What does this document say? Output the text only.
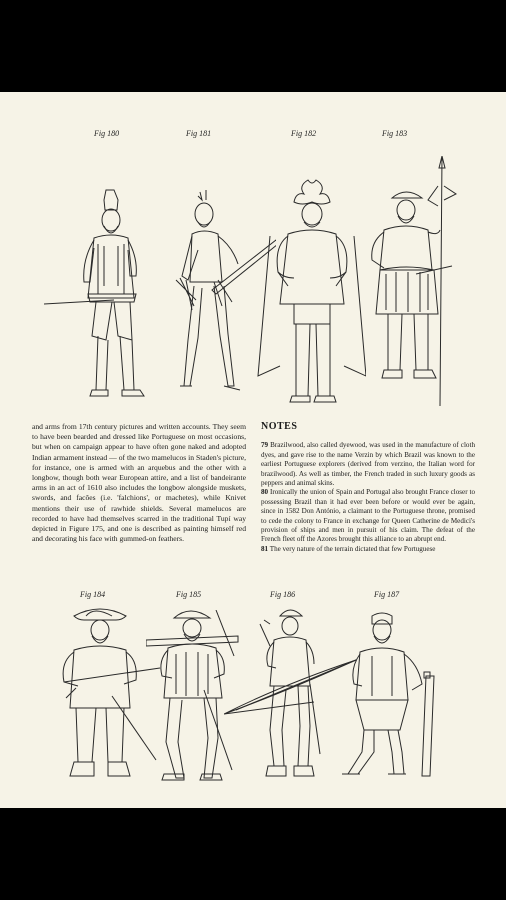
Fig 180	Fig 181	Fig 182	Fig 183
and arms from 17th century pictures and written accounts. They seem to have been bearded and dressed like Portuguese on most occasions, but when on campaign appear to have often gone naked and adopted Indian armament instead — of the two mamelucos in Staden's picture, for instance, one is armed with an arquebus and the other with a longbow, though both wear European attire, and a list of bandeirante arms in an act of 1610 also includes the longbow alongside muskets, swords, and facões (i.e. 'falchions', or machetes), while Knivet mentions their use of rawhide shields. Several mamelucos are recorded to have had themselves scarred in the traditional Tupí way depicted in Figure 175, and one is described as painting himself red and decorating his face with gummed-on feathers.
NOTES

79 Brazilwood, also called dyewood, was used in the manufacture of cloth dyes, and gave rise to the name Verzin by which Brazil was known to the earliest Portuguese explorers (derived from verzino, the Italian word for brazilwood). As well as timber, the French traded in such luxury goods as peppers and animal skins.

80 Ironically the union of Spain and Portugal also brought France closer to possessing Brazil than it had ever been before or would ever be again, since in 1582 Don António, a claimant to the Portuguese throne, promised to cede the colony to France in exchange for Queen Catherine de Medici's provision of ships and men in pursuit of his claim. The defeat of the French fleet off the Azores brought this alliance to an abrupt end.

81 The very nature of the terrain dictated that few Portuguese

Fig 184	Fig 185	Fig 186	Fig 187
